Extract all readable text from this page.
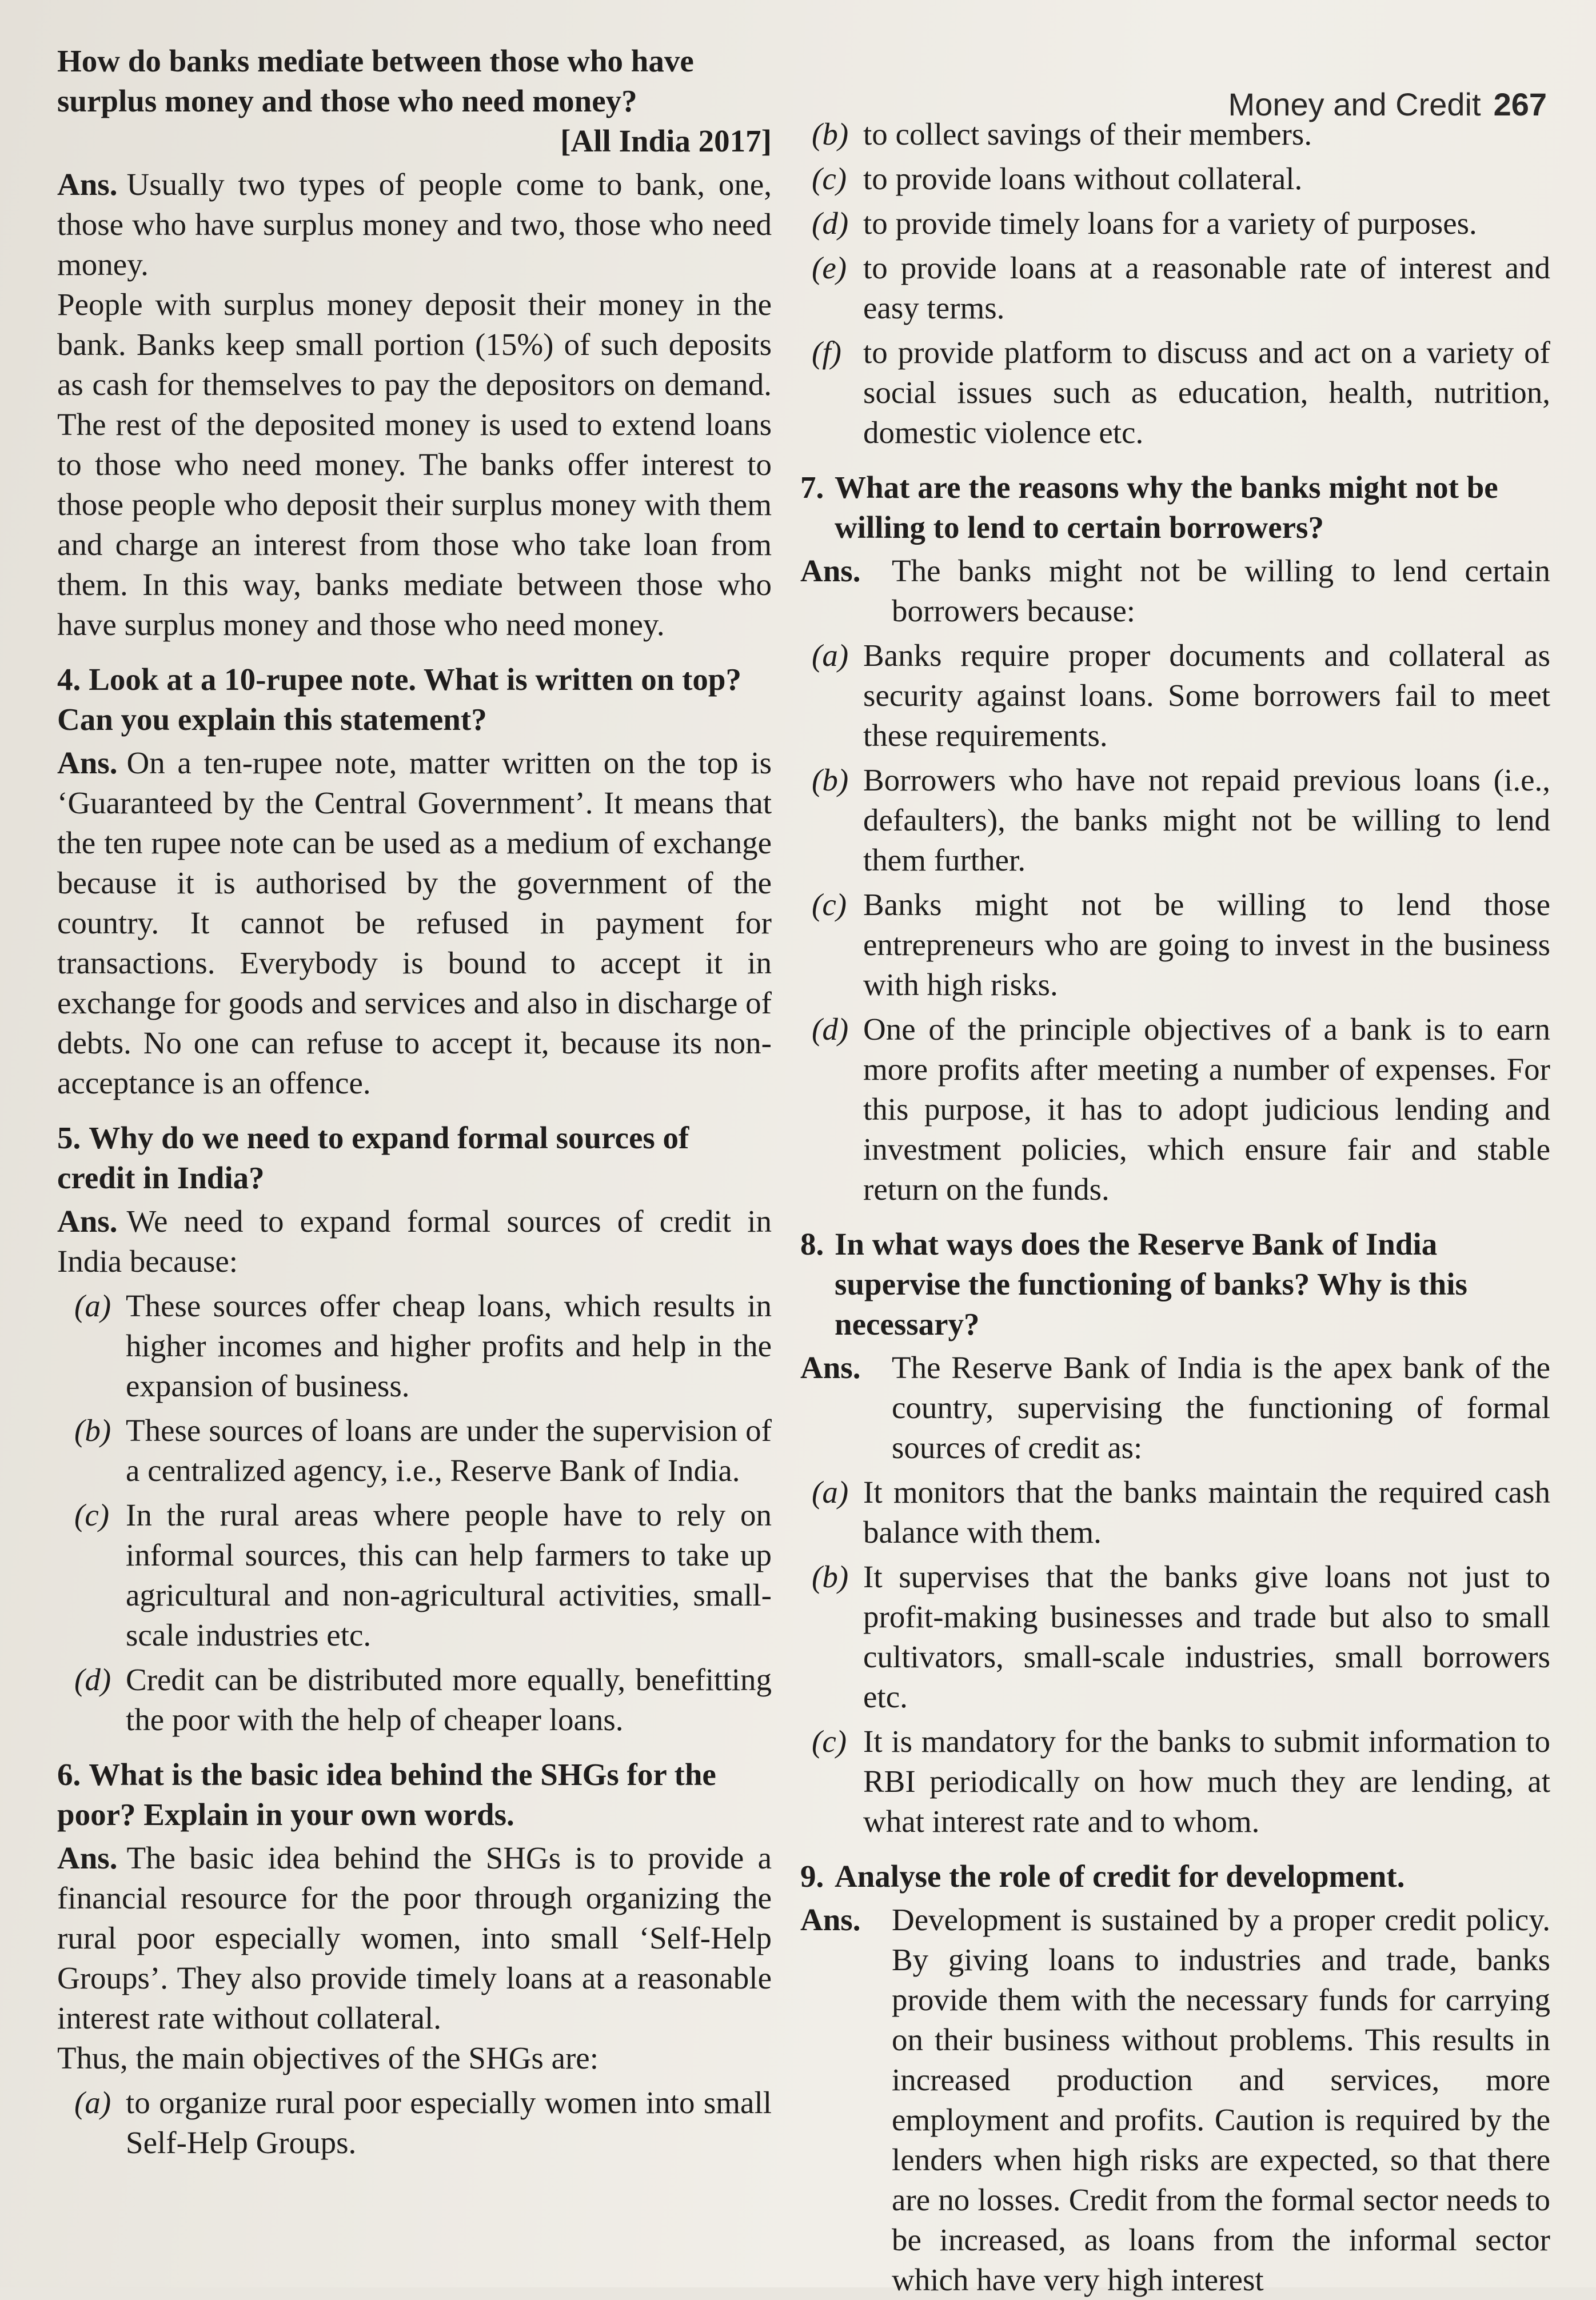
Money and Credit 267
How do banks mediate between those who have surplus money and those who need money?
[All India 2017]
Ans. Usually two types of people come to bank, one, those who have surplus money and two, those who need money.
People with surplus money deposit their money in the bank. Banks keep small portion (15%) of such deposits as cash for themselves to pay the depositors on demand. The rest of the deposited money is used to extend loans to those who need money. The banks offer interest to those people who deposit their surplus money with them and charge an interest from those who take loan from them. In this way, banks mediate between those who have surplus money and those who need money.
4. Look at a 10-rupee note. What is written on top? Can you explain this statement?
Ans. On a ten-rupee note, matter written on the top is ‘Guaranteed by the Central Government’. It means that the ten rupee note can be used as a medium of exchange because it is authorised by the government of the country. It cannot be refused in payment for transactions. Everybody is bound to accept it in exchange for goods and services and also in discharge of debts. No one can refuse to accept it, because its non-acceptance is an offence.
5. Why do we need to expand formal sources of credit in India?
Ans. We need to expand formal sources of credit in India because:
(a) These sources offer cheap loans, which results in higher incomes and higher profits and help in the expansion of business.
(b) These sources of loans are under the supervision of a centralized agency, i.e., Reserve Bank of India.
(c) In the rural areas where people have to rely on informal sources, this can help farmers to take up agricultural and non-agricultural activities, small-scale industries etc.
(d) Credit can be distributed more equally, benefitting the poor with the help of cheaper loans.
6. What is the basic idea behind the SHGs for the poor? Explain in your own words.
Ans. The basic idea behind the SHGs is to provide a financial resource for the poor through organizing the rural poor especially women, into small ‘Self-Help Groups’. They also provide timely loans at a reasonable interest rate without collateral.
Thus, the main objectives of the SHGs are:
(a) to organize rural poor especially women into small Self-Help Groups.
(b) to collect savings of their members.
(c) to provide loans without collateral.
(d) to provide timely loans for a variety of purposes.
(e) to provide loans at a reasonable rate of interest and easy terms.
(f) to provide platform to discuss and act on a variety of social issues such as education, health, nutrition, domestic violence etc.
7. What are the reasons why the banks might not be willing to lend to certain borrowers?
Ans. The banks might not be willing to lend certain borrowers because:
(a) Banks require proper documents and collateral as security against loans. Some borrowers fail to meet these requirements.
(b) Borrowers who have not repaid previous loans (i.e., defaulters), the banks might not be willing to lend them further.
(c) Banks might not be willing to lend those entrepreneurs who are going to invest in the business with high risks.
(d) One of the principle objectives of a bank is to earn more profits after meeting a number of expenses. For this purpose, it has to adopt judicious lending and investment policies, which ensure fair and stable return on the funds.
8. In what ways does the Reserve Bank of India supervise the functioning of banks? Why is this necessary?
Ans. The Reserve Bank of India is the apex bank of the country, supervising the functioning of formal sources of credit as:
(a) It monitors that the banks maintain the required cash balance with them.
(b) It supervises that the banks give loans not just to profit-making businesses and trade but also to small cultivators, small-scale industries, small borrowers etc.
(c) It is mandatory for the banks to submit information to RBI periodically on how much they are lending, at what interest rate and to whom.
9. Analyse the role of credit for development.
Ans. Development is sustained by a proper credit policy. By giving loans to industries and trade, banks provide them with the necessary funds for carrying on their business without problems. This results in increased production and services, more employment and profits. Caution is required by the lenders when high risks are expected, so that there are no losses. Credit from the formal sector needs to be increased, as loans from the informal sector which have very high interest
